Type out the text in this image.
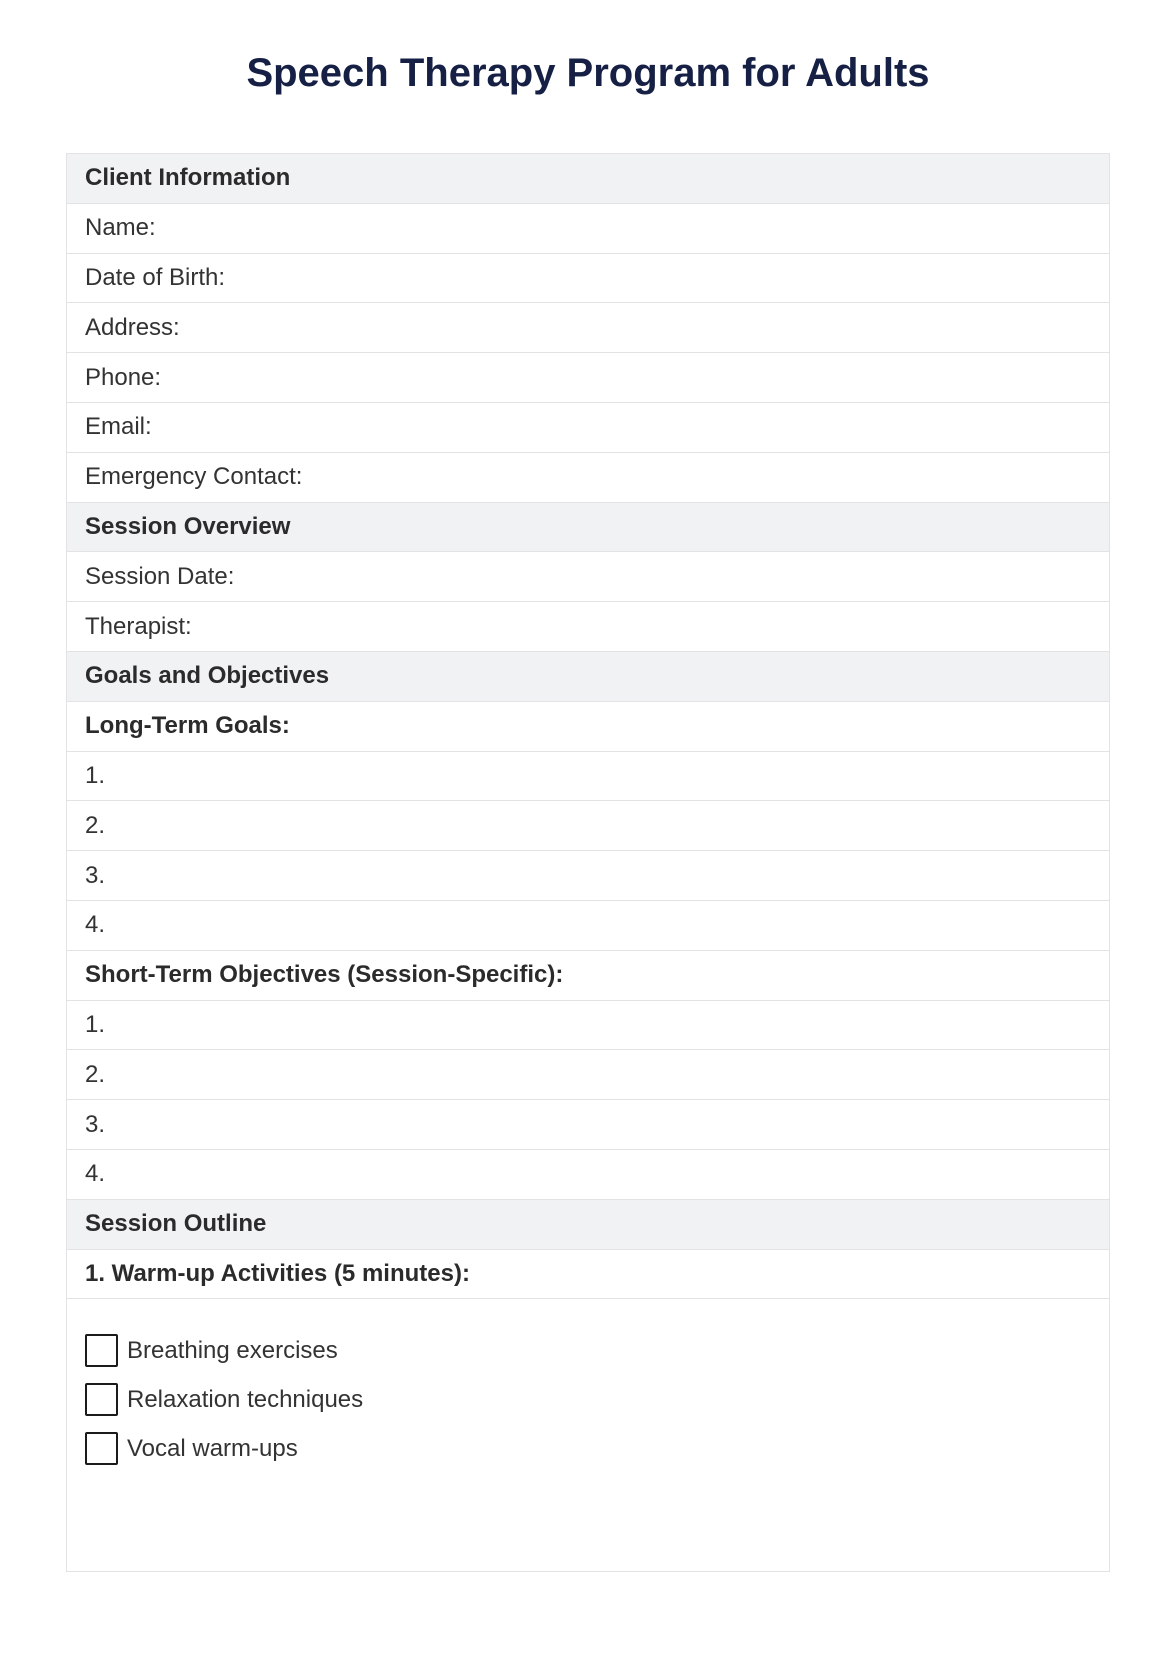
Speech Therapy Program for Adults
Client Information
Name:
Date of Birth:
Address:
Phone:
Email:
Emergency Contact:
Session Overview
Session Date:
Therapist:
Goals and Objectives
Long-Term Goals:
1.
2.
3.
4.
Short-Term Objectives (Session-Specific):
1.
2.
3.
4.
Session Outline
1. Warm-up Activities (5 minutes):
Breathing exercises
Relaxation techniques
Vocal warm-ups
